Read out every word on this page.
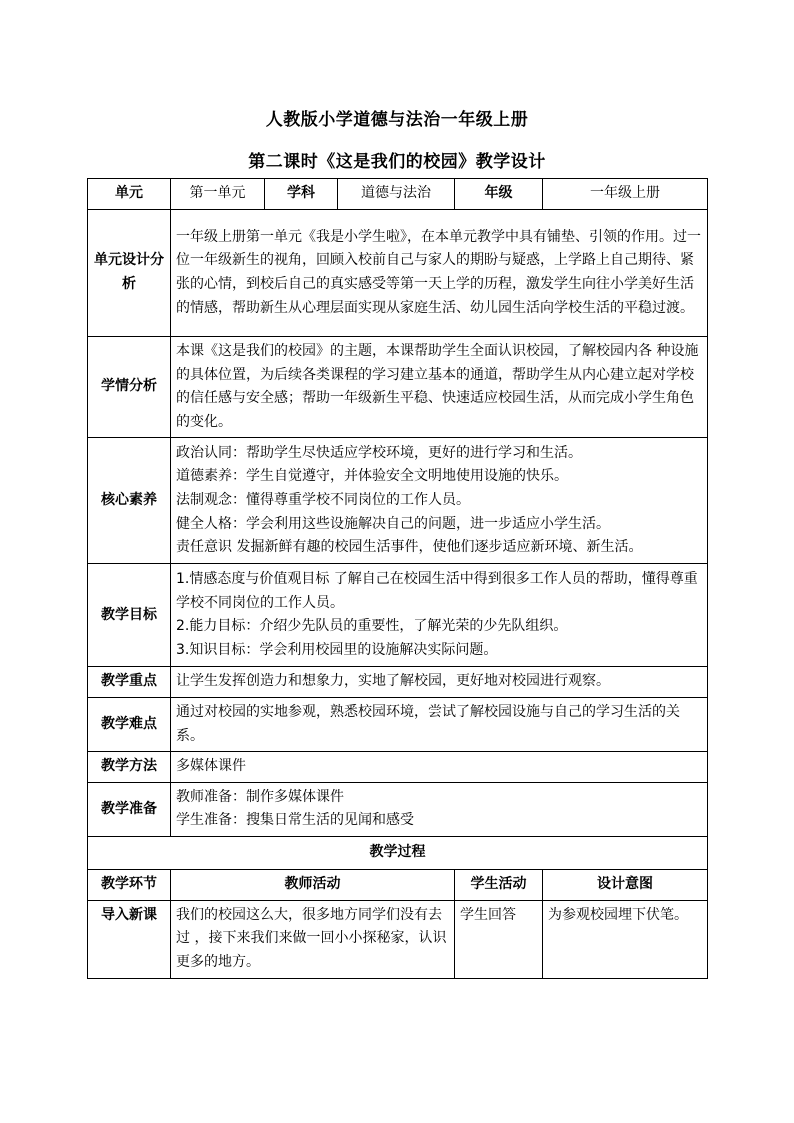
人教版小学道德与法治一年级上册
第二课时《这是我们的校园》教学设计
单元	第一单元	学科	道德与法治	年级	一年级上册
单元设计分析	一年级上册第一单元《我是小学生啦》，在本单元教学中具有铺垫、引领的作用。过一位一年级新生的视角，回顾入校前自己与家人的期盼与疑惑，上学路上自己期待、紧张的心情，到校后自己的真实感受等第一天上学的历程，激发学生向往小学美好生活的情感，帮助新生从心理层面实现从家庭生活、幼儿园生活向学校生活的平稳过渡。				
学情分析	本课《这是我们的校园》的主题，本课帮助学生全面认识校园，了解校园内各 种设施的具体位置，为后续各类课程的学习建立基本的通道，帮助学生从内心建立起对学校的信任感与安全感；帮助一年级新生平稳、快速适应校园生活，从而完成小学生角色的变化。				
核心素养	政治认同：帮助学生尽快适应学校环境，更好的进行学习和生活。
道德素养：学生自觉遵守，并体验安全文明地使用设施的快乐。
法制观念：懂得尊重学校不同岗位的工作人员。
健全人格：学会利用这些设施解决自己的问题，进一步适应小学生活。
责任意识 发掘新鲜有趣的校园生活事件，使他们逐步适应新环境、新生活。				

教学目标	1.情感态度与价值观目标 了解自己在校园生活中得到很多工作人员的帮助，懂得尊重学校不同岗位的工作人员。
2.能力目标：介绍少先队员的重要性，了解光荣的少先队组织。
3.知识目标：学会利用校园里的设施解决实际问题。				

教学重点	让学生发挥创造力和想象力，实地了解校园，更好地对校园进行观察。				
教学难点	通过对校园的实地参观，熟悉校园环境，尝试了解校园设施与自己的学习生活的关系。				
教学方法	多媒体课件				
教学准备	教师准备：制作多媒体课件
学生准备：搜集日常生活的见闻和感受				

教学过程					
教学环节	教师活动			学生活动	设计意图
导入新课	我们的校园这么大，很多地方同学们没有去过 ，接下来我们来做一回小小探秘家，认识更多的地方。			学生回答	为参观校园埋下伏笔。
